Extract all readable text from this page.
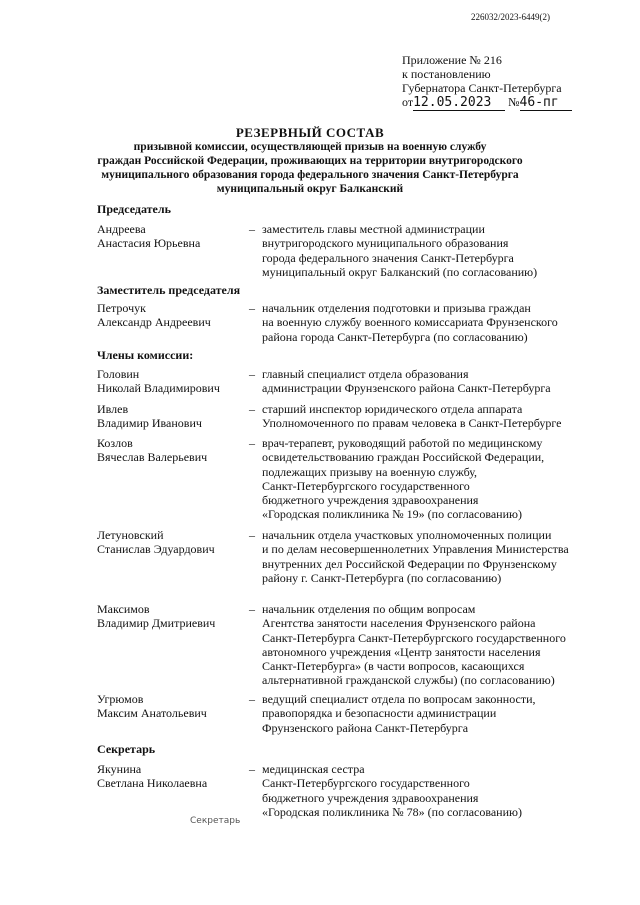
226032/2023-6449(2)
Приложение № 216
к постановлению
Губернатора Санкт-Петербурга
от12.05.2023 №46-пг
РЕЗЕРВНЫЙ СОСТАВ
призывной комиссии, осуществляющей призыв на военную службу
граждан Российской Федерации, проживающих на территории внутригородского
муниципального образования города федерального значения Санкт-Петербурга
муниципальный округ Балканский
Председатель
Заместитель председателя
Члены комиссии:
Секретарь
Андреева
Анастасия Юрьевна
– заместитель главы местной администрации
внутригородского муниципального образования
города федерального значения Санкт-Петербурга
муниципальный округ Балканский (по согласованию)
Петрочук
Александр Андреевич
– начальник отделения подготовки и призыва граждан
на военную службу военного комиссариата Фрунзенского
района города Санкт-Петербурга (по согласованию)
Головин
Николай Владимирович
– главный специалист отдела образования
администрации Фрунзенского района Санкт-Петербурга
Ивлев
Владимир Иванович
– старший инспектор юридического отдела аппарата
Уполномоченного по правам человека в Санкт-Петербурге
Козлов
Вячеслав Валерьевич
– врач-терапевт, руководящий работой по медицинскому
освидетельствованию граждан Российской Федерации,
подлежащих призыву на военную службу,
Санкт-Петербургского государственного
бюджетного учреждения здравоохранения
«Городская поликлиника № 19» (по согласованию)
Летуновский
Станислав Эдуардович
– начальник отдела участковых уполномоченных полиции
и по делам несовершеннолетних Управления Министерства
внутренних дел Российской Федерации по Фрунзенскому
району г. Санкт-Петербурга (по согласованию)
Максимов
Владимир Дмитриевич
– начальник отделения по общим вопросам
Агентства занятости населения Фрунзенского района
Санкт-Петербурга Санкт-Петербургского государственного
автономного учреждения «Центр занятости населения
Санкт-Петербурга» (в части вопросов, касающихся
альтернативной гражданской службы) (по согласованию)
Угрюмов
Максим Анатольевич
– ведущий специалист отдела по вопросам законности,
правопорядка и безопасности администрации
Фрунзенского района Санкт-Петербурга
Якунина
Светлана Николаевна
– медицинская сестра
Санкт-Петербургского государственного
бюджетного учреждения здравоохранения
«Городская поликлиника № 78» (по согласованию)
Секретарь
